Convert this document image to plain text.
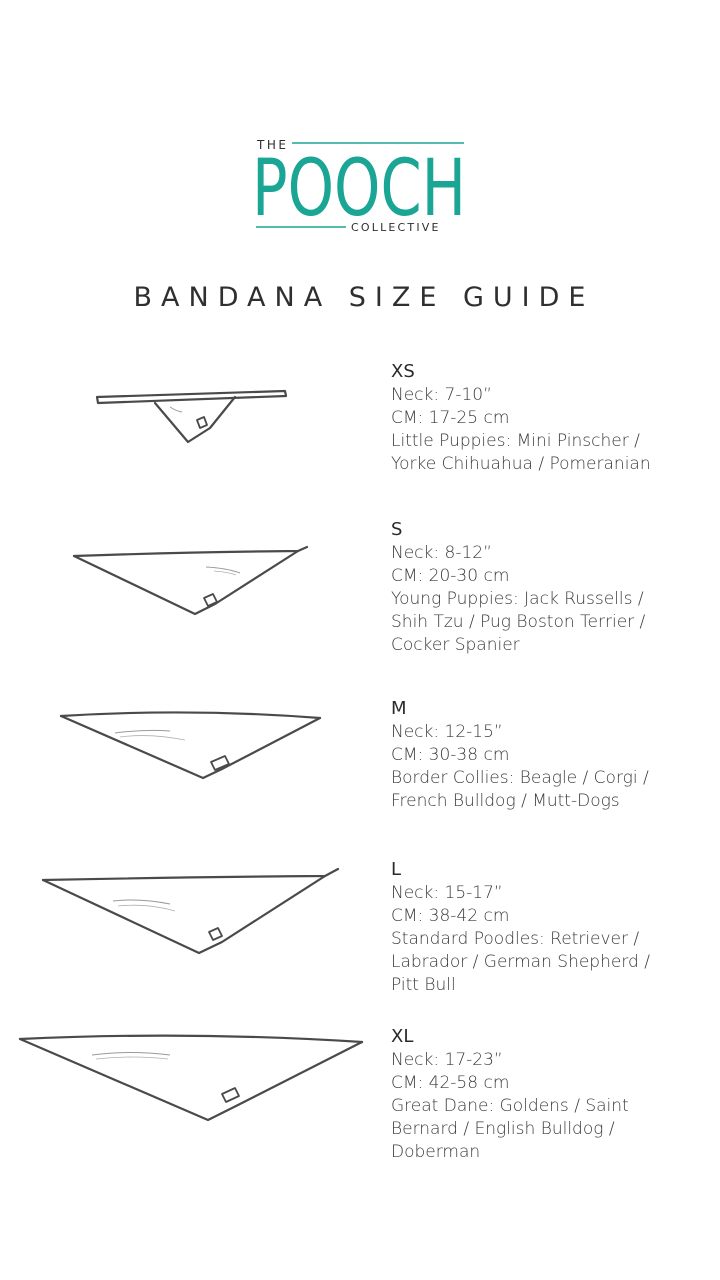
THE
POOCH
COLLECTIVE
BANDANA SIZE GUIDE
XS
Neck: 7-10”
CM: 17-25 cm
Little Puppies: Mini Pinscher /
Yorke Chihuahua / Pomeranian
S
Neck: 8-12”
CM: 20-30 cm
Young Puppies: Jack Russells /
Shih Tzu / Pug Boston Terrier /
Cocker Spanier
M
Neck: 12-15”
CM: 30-38 cm
Border Collies: Beagle / Corgi /
French Bulldog / Mutt-Dogs
L
Neck: 15-17”
CM: 38-42 cm
Standard Poodles: Retriever /
Labrador / German Shepherd /
Pitt Bull
XL
Neck: 17-23”
CM: 42-58 cm
Great Dane: Goldens / Saint
Bernard / English Bulldog /
Doberman
